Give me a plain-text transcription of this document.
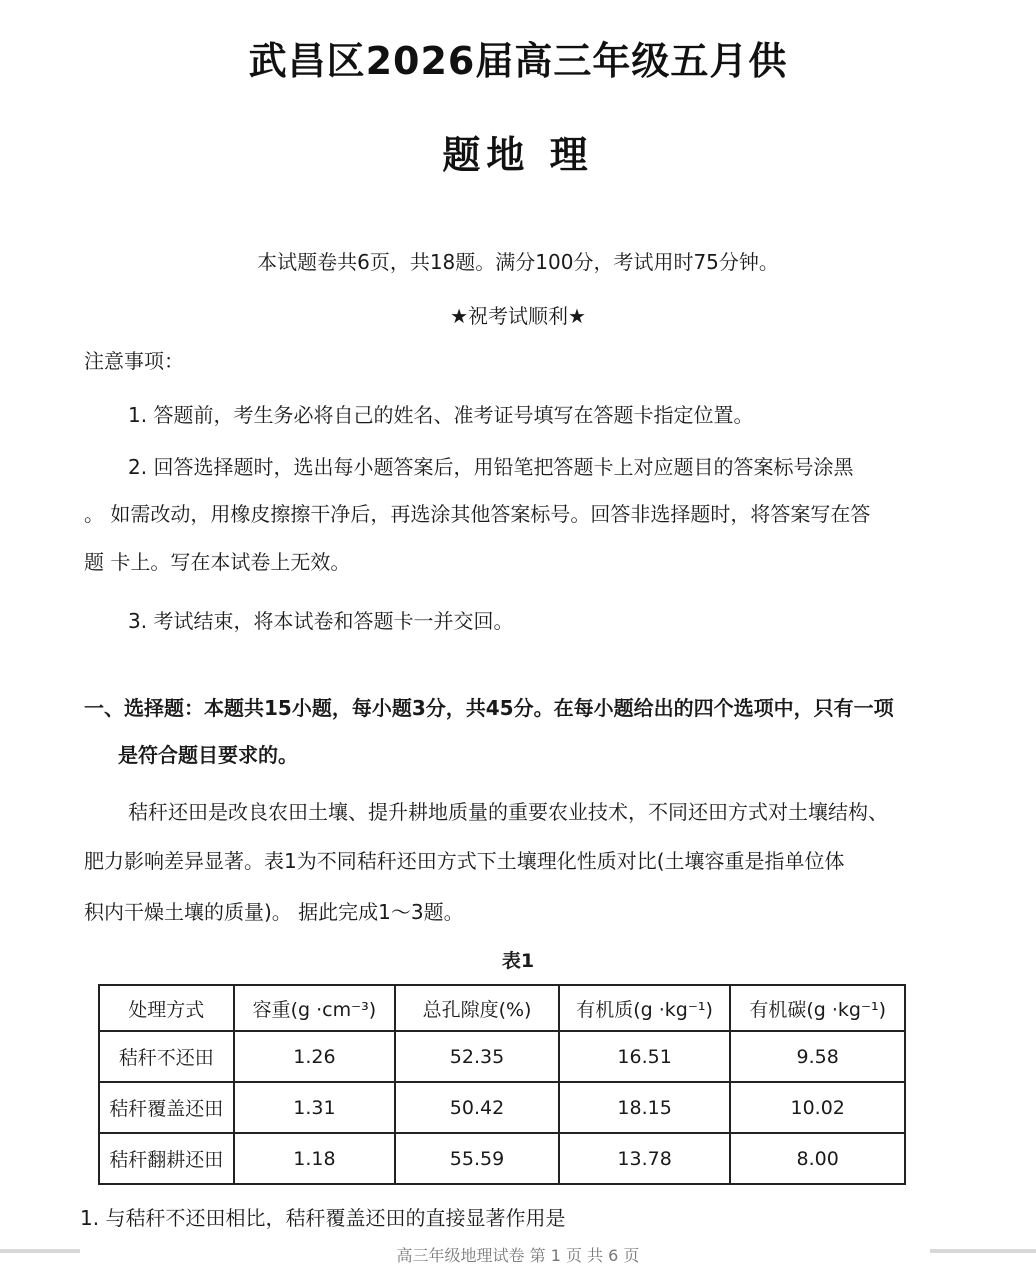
武昌区2026届高三年级五月供
题地 理
本试题卷共6页，共18题。满分100分，考试用时75分钟。
★祝考试顺利★
注意事项：
1. 答题前，考生务必将自己的姓名、准考证号填写在答题卡指定位置。
2. 回答选择题时，选出每小题答案后，用铅笔把答题卡上对应题目的答案标号涂黑
。 如需改动，用橡皮擦擦干净后，再选涂其他答案标号。回答非选择题时，将答案写在答
题 卡上。写在本试卷上无效。
3. 考试结束，将本试卷和答题卡一并交回。
一、选择题：本题共15小题，每小题3分，共45分。在每小题给出的四个选项中，只有一项
是符合题目要求的。
秸秆还田是改良农田土壤、提升耕地质量的重要农业技术，不同还田方式对土壤结构、
肥力影响差异显著。表1为不同秸秆还田方式下土壤理化性质对比(土壤容重是指单位体
积内干燥土壤的质量)。 据此完成1～3题。
表1
处理方式	容重(g ·cm⁻³)	总孔隙度(%)	有机质(g ·kg⁻¹)	有机碳(g ·kg⁻¹)
秸秆不还田	1.26	52.35	16.51	9.58
秸秆覆盖还田	1.31	50.42	18.15	10.02
秸秆翻耕还田	1.18	55.59	13.78	8.00
1. 与秸秆不还田相比，秸秆覆盖还田的直接显著作用是
高三年级地理试卷 第 1 页 共 6 页
